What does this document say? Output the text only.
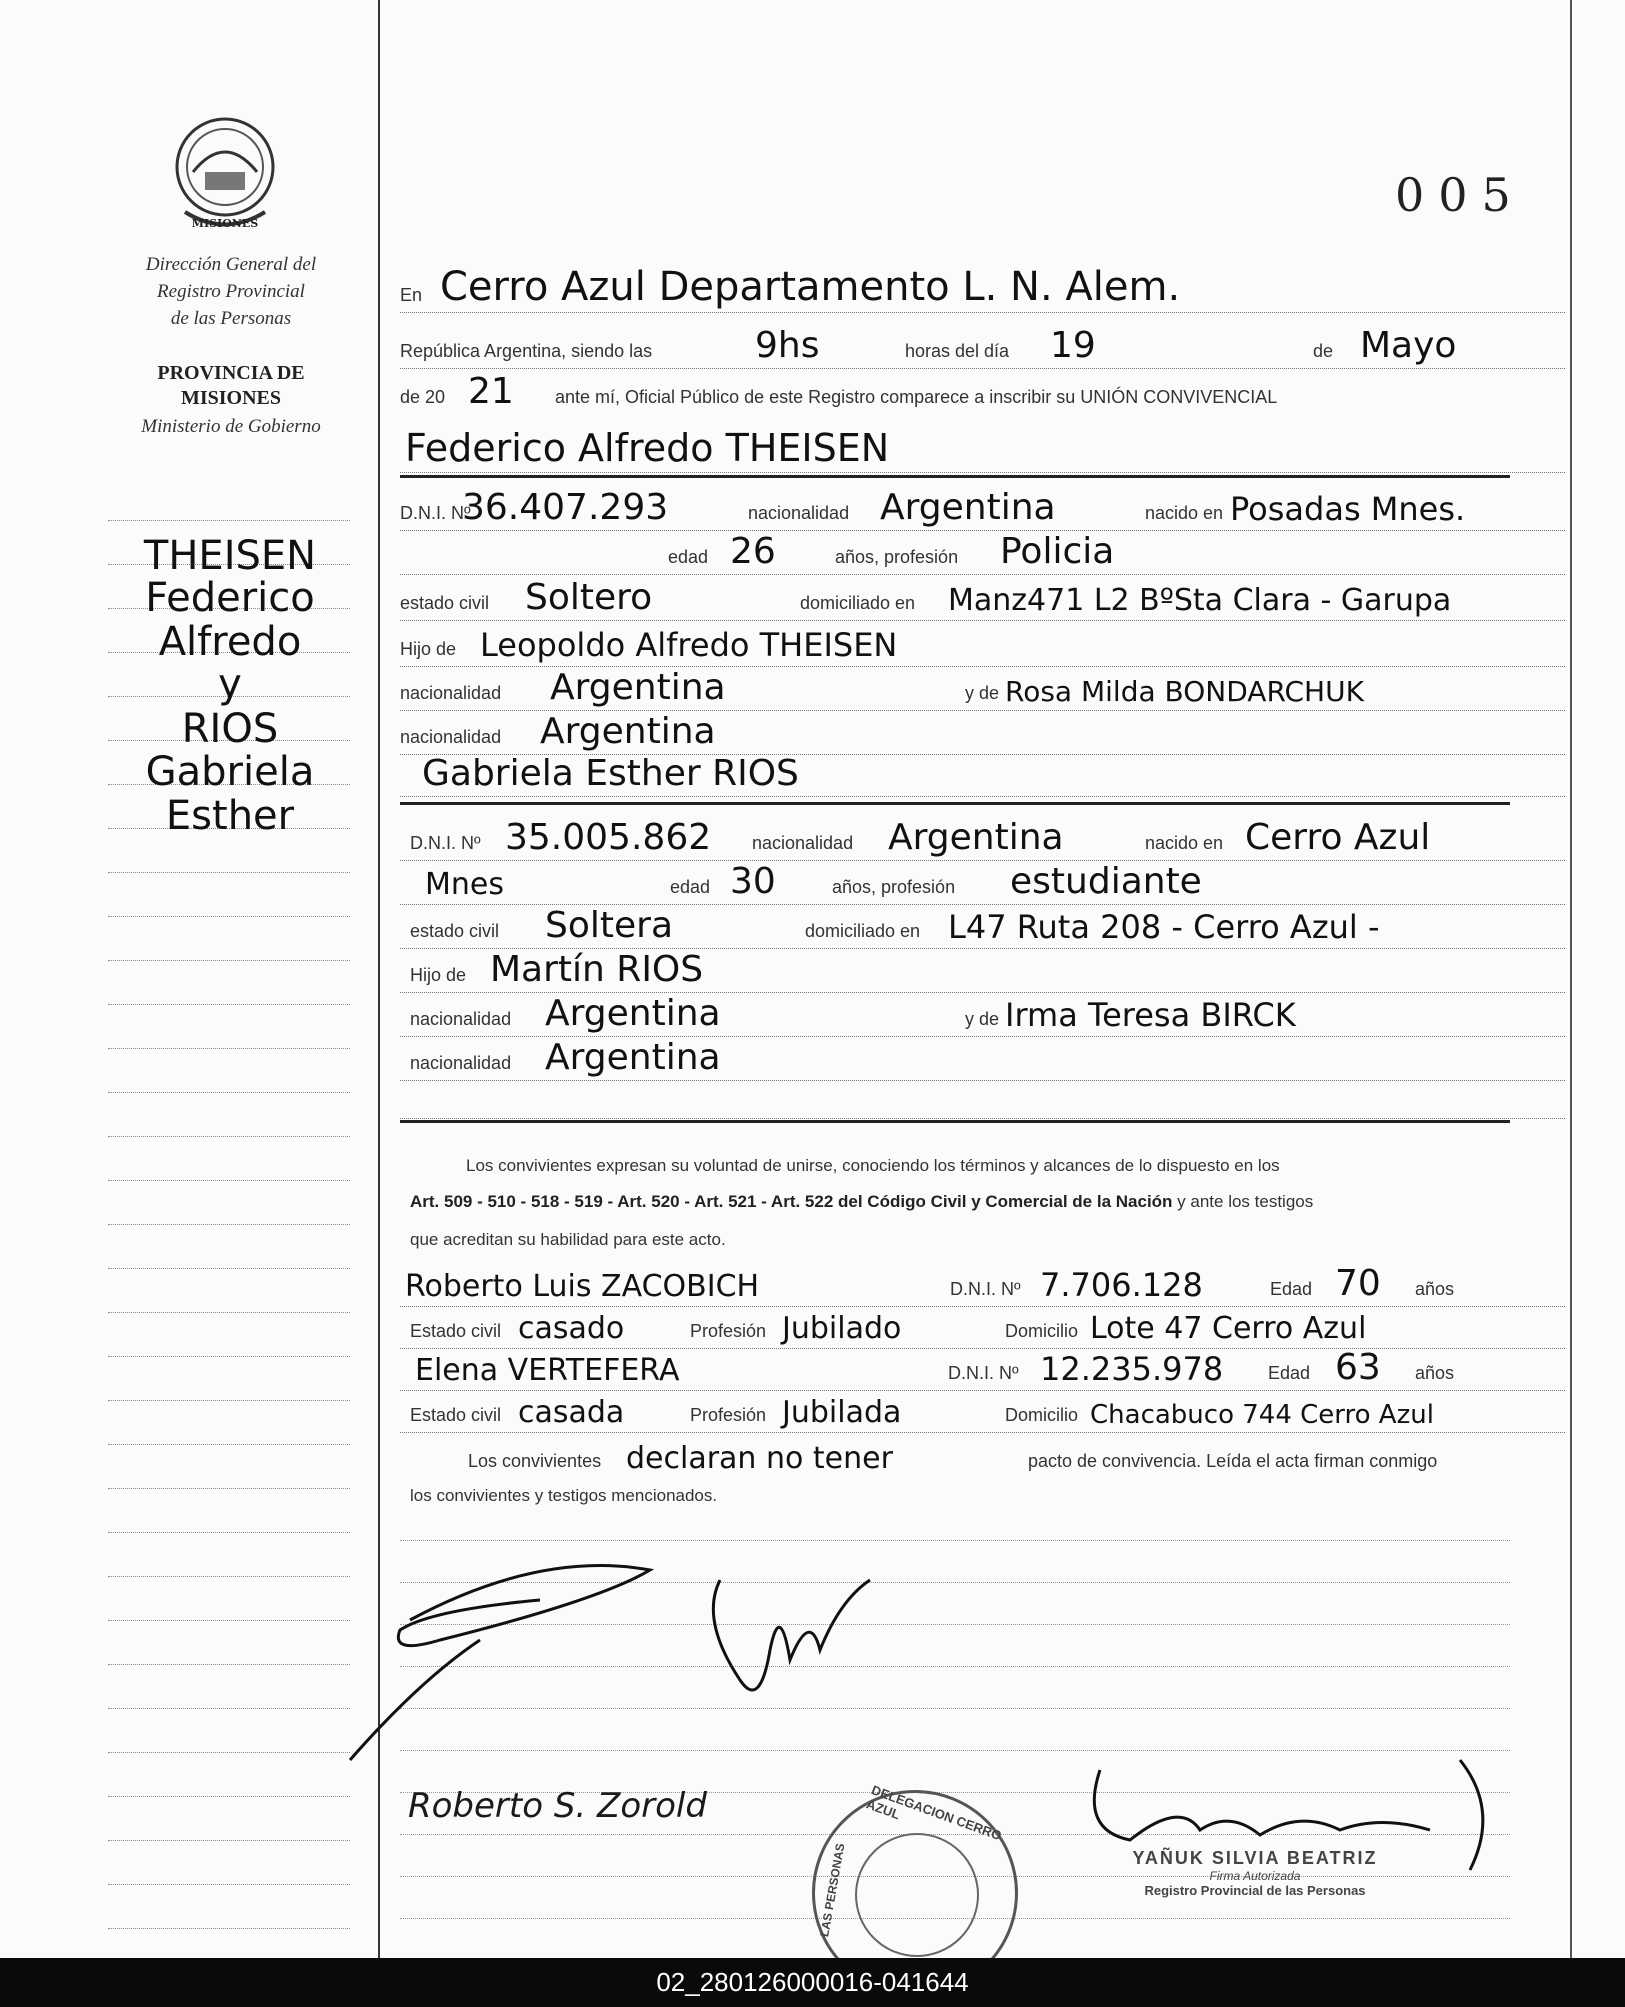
MISIONES
Dirección General del
Registro Provincial
de las Personas
PROVINCIA DE
MISIONES
Ministerio de Gobierno
THEISEN
Federico
Alfredo
y
RIOS
Gabriela
Esther
005
En Cerro Azul Departamento L. N. Alem.
República Argentina, siendo las	9hs	horas del día 19	de Mayo
de 20 21 ante mí, Oficial Público de este Registro comparece a inscribir su UNIÓN CONVIVENCIAL
Federico Alfredo THEISEN
D.N.I. Nº
36.407.293	nacionalidad Argentina	nacido en Posadas Mnes.
edad 26	años, profesión Policia
estado civil Soltero	domiciliado en Manz471 L2 BºSta Clara - Garupa
Hijo de Leopoldo Alfredo THEISEN
nacionalidad Argentina	y de Rosa Milda BONDARCHUK
nacionalidad Argentina
Gabriela Esther RIOS
D.N.I. Nº 35.005.862 nacionalidad Argentina	nacido en Cerro Azul
Mnes	edad 30	años, profesión estudiante
estado civil Soltera	domiciliado en L47 Ruta 208 - Cerro Azul -
Hijo de Martín RIOS
nacionalidad Argentina	y de Irma Teresa BIRCK
nacionalidad Argentina
Los convivientes expresan su voluntad de unirse, conociendo los términos y alcances de lo dispuesto en los
Art. 509 - 510 - 518 - 519 - Art. 520 - Art. 521 - Art. 522 del Código Civil y Comercial de la Nación y ante los testigos
que acreditan su habilidad para este acto.
Roberto Luis ZACOBICH	D.N.I. Nº 7.706.128	Edad 70 años
Estado civil casado	Profesión Jubilado	Domicilio Lote 47 Cerro Azul
Elena VERTEFERA	D.N.I. Nº 12.235.978 Edad 63 años
Estado civil casada	Profesión Jubilada	Domicilio Chacabuco 744 Cerro Azul
Los convivientes declaran no tener	pacto de convivencia. Leída el acta firman conmigo
los convivientes y testigos mencionados.
Roberto S. Zorold	DELEGACION CERRO AZUL
LAS PERSONAS	YAÑUK SILVIA BEATRIZ
Firma Autorizada
Registro Provincial de las Personas
02_280126000016-041644
